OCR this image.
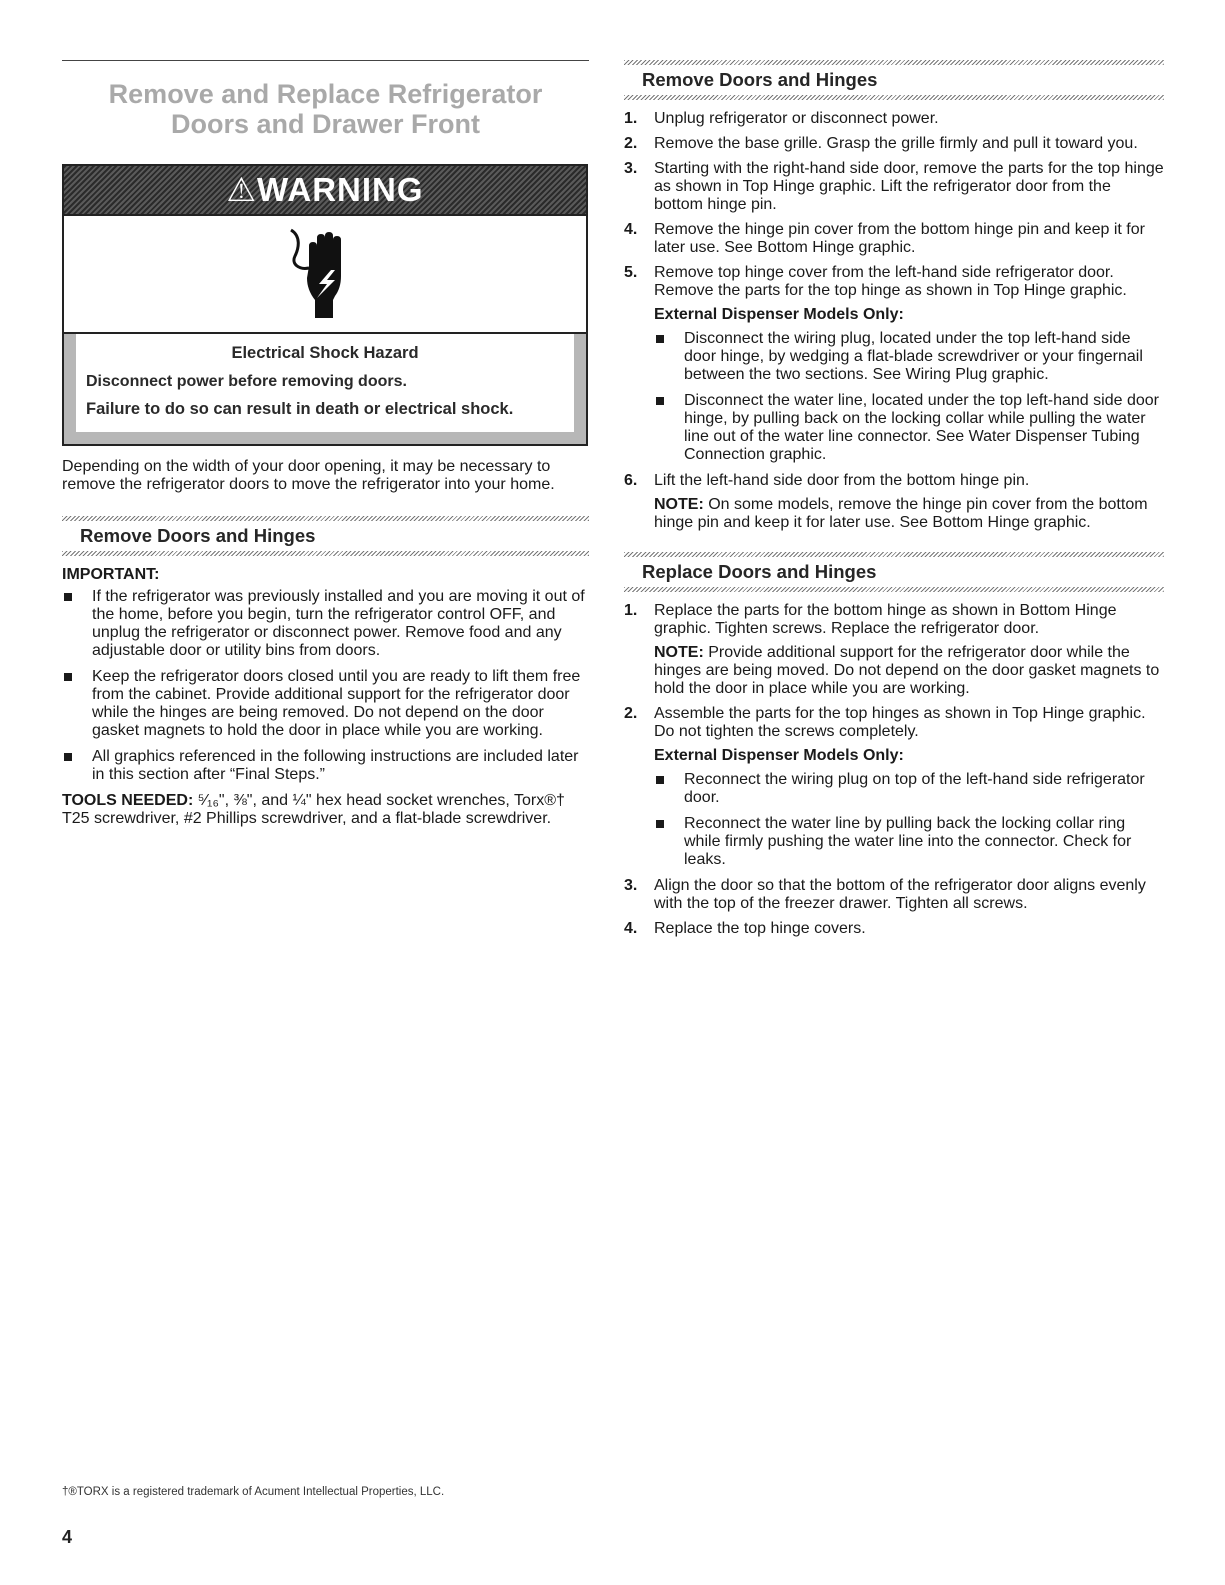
Remove and Replace Refrigerator
Doors and Drawer Front
⚠WARNING

Electrical Shock Hazard

Disconnect power before removing doors.

Failure to do so can result in death or electrical shock.

Depending on the width of your door opening, it may be necessary to remove the refrigerator doors to move the refrigerator into your home.

Remove Doors and Hinges
IMPORTANT:
If the refrigerator was previously installed and you are moving it out of the home, before you begin, turn the refrigerator control OFF, and unplug the refrigerator or disconnect power. Remove food and any adjustable door or utility bins from doors.
Keep the refrigerator doors closed until you are ready to lift them free from the cabinet. Provide additional support for the refrigerator door while the hinges are being removed. Do not depend on the door gasket magnets to hold the door in place while you are working.
All graphics referenced in the following instructions are included later in this section after “Final Steps.”

TOOLS NEEDED: ⁵⁄₁₆", ⅜", and ¼" hex head socket wrenches, Torx®† T25 screwdriver, #2 Phillips screwdriver, and a flat-blade screwdriver.

Remove Doors and Hinges
1. Unplug refrigerator or disconnect power.
2. Remove the base grille. Grasp the grille firmly and pull it toward you.
3. Starting with the right-hand side door, remove the parts for the top hinge as shown in Top Hinge graphic. Lift the refrigerator door from the bottom hinge pin.
4. Remove the hinge pin cover from the bottom hinge pin and keep it for later use. See Bottom Hinge graphic.
5. Remove top hinge cover from the left-hand side refrigerator door. Remove the parts for the top hinge as shown in Top Hinge graphic.
External Dispenser Models Only:
Disconnect the wiring plug, located under the top left-hand side door hinge, by wedging a flat-blade screwdriver or your fingernail between the two sections. See Wiring Plug graphic.
Disconnect the water line, located under the top left-hand side door hinge, by pulling back on the locking collar while pulling the water line out of the water line connector. See Water Dispenser Tubing Connection graphic.
6. Lift the left-hand side door from the bottom hinge pin.

NOTE: On some models, remove the hinge pin cover from the bottom hinge pin and keep it for later use. See Bottom Hinge graphic.

Replace Doors and Hinges
1. Replace the parts for the bottom hinge as shown in Bottom Hinge graphic. Tighten screws. Replace the refrigerator door.

NOTE: Provide additional support for the refrigerator door while the hinges are being moved. Do not depend on the door gasket magnets to hold the door in place while you are working.

2. Assemble the parts for the top hinges as shown in Top Hinge graphic. Do not tighten the screws completely.
External Dispenser Models Only:
Reconnect the wiring plug on top of the left-hand side refrigerator door.
Reconnect the water line by pulling back the locking collar ring while firmly pushing the water line into the connector. Check for leaks.
3. Align the door so that the bottom of the refrigerator door aligns evenly with the top of the freezer drawer. Tighten all screws.
4. Replace the top hinge covers.
†®TORX is a registered trademark of Acument Intellectual Properties, LLC.
4
